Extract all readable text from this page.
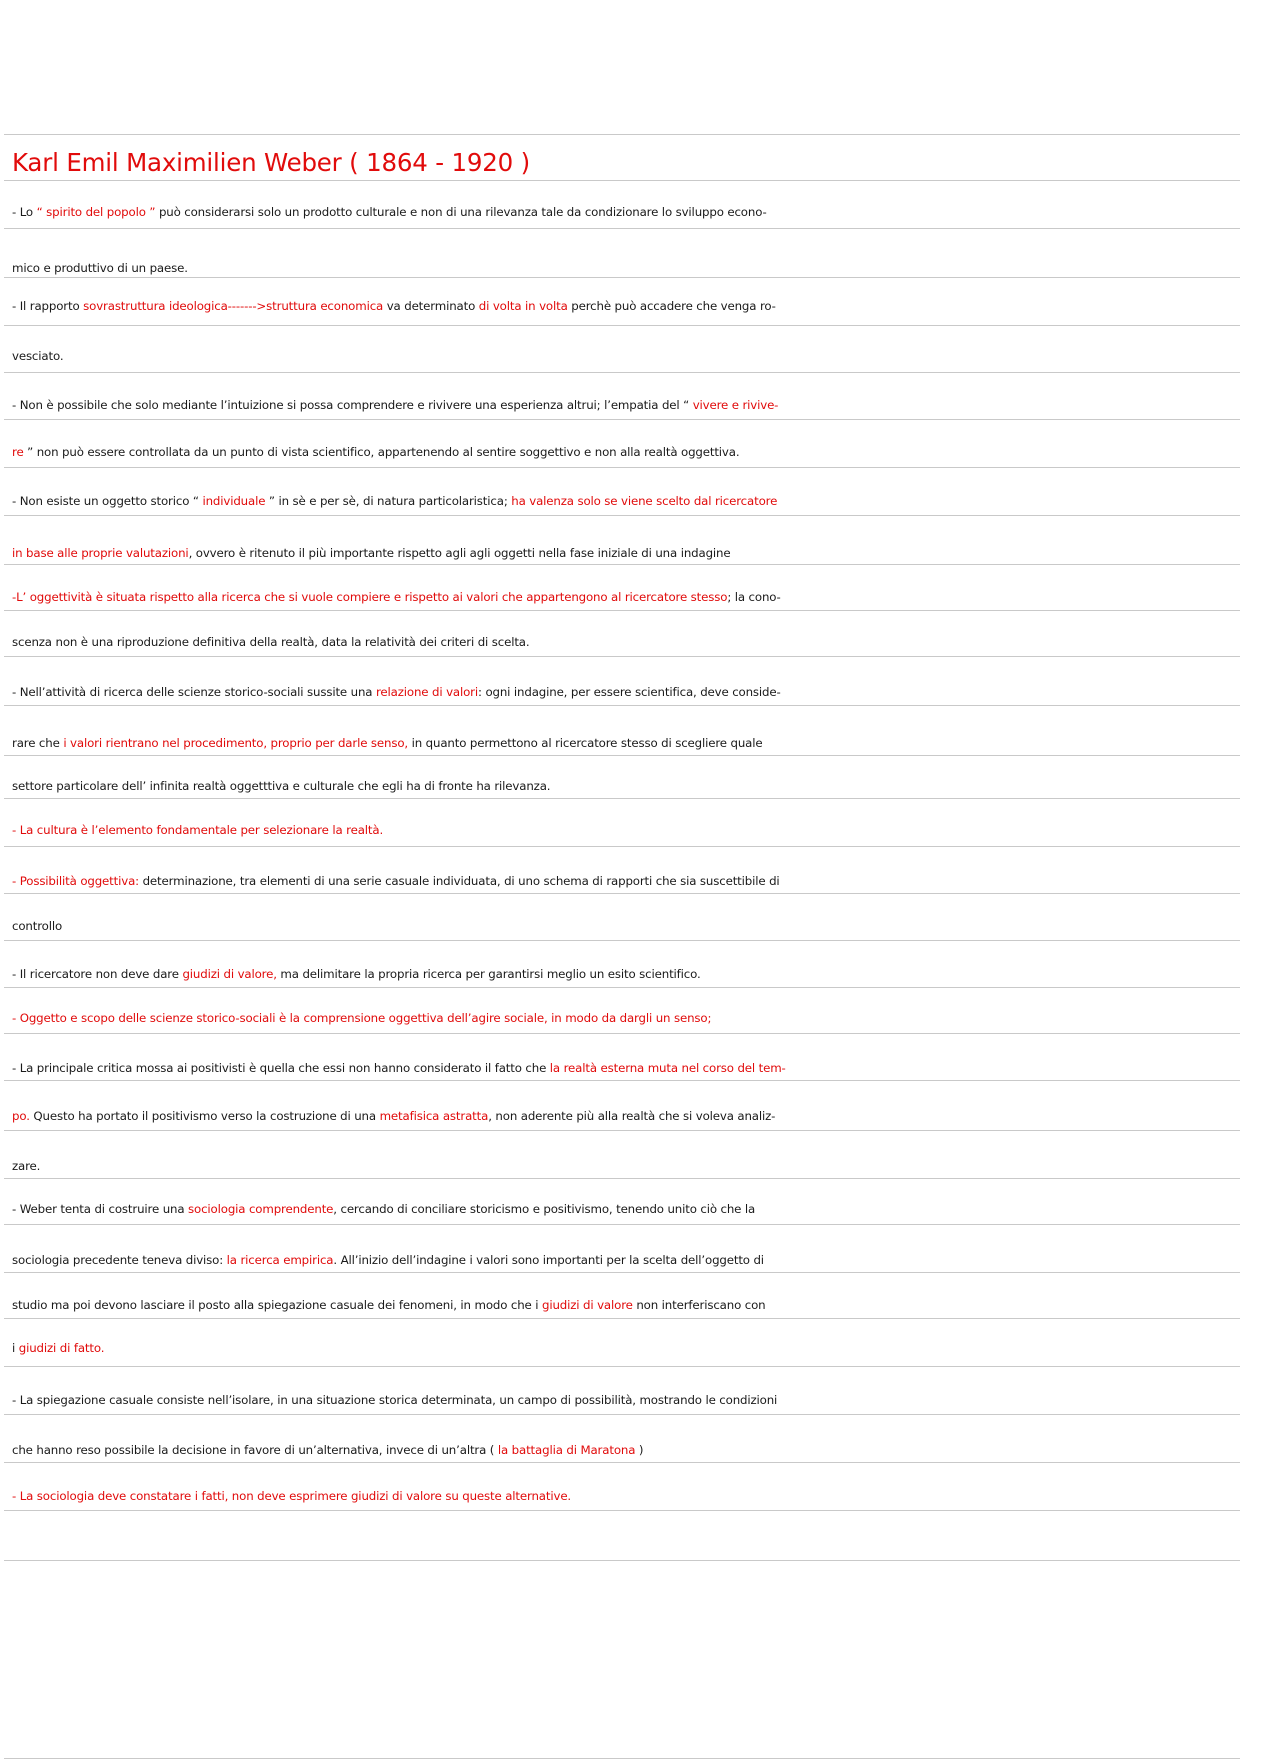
Karl Emil Maximilien Weber ( 1864 - 1920 )
- Lo “ spirito del popolo ” può considerarsi solo un prodotto culturale e non di una rilevanza tale da condizionare lo sviluppo econo-
mico e produttivo di un paese.
- Il rapporto sovrastruttura ideologica------->struttura economica va determinato di volta in volta perchè può accadere che venga ro-
vesciato.
- Non è possibile che solo mediante l’intuizione si possa comprendere e rivivere una esperienza altrui; l’empatia del “ vivere e rivive-
re ” non può essere controllata da un punto di vista scientifico, appartenendo al sentire soggettivo e non alla realtà oggettiva.
- Non esiste un oggetto storico “ individuale ” in sè e per sè, di natura particolaristica; ha valenza solo se viene scelto dal ricercatore
in base alle proprie valutazioni, ovvero è ritenuto il più importante rispetto agli agli oggetti nella fase iniziale di una indagine
-L’ oggettività è situata rispetto alla ricerca che si vuole compiere e rispetto ai valori che appartengono al ricercatore stesso; la cono-
scenza non è una riproduzione definitiva della realtà, data la relatività dei criteri di scelta.
- Nell’attività di ricerca delle scienze storico-sociali sussite una relazione di valori: ogni indagine, per essere scientifica, deve conside-
rare che i valori rientrano nel procedimento, proprio per darle senso, in quanto permettono al ricercatore stesso di scegliere quale
settore particolare dell’ infinita realtà oggetttiva e culturale che egli ha di fronte ha rilevanza.
- La cultura è l’elemento fondamentale per selezionare la realtà.
- Possibilità oggettiva: determinazione, tra elementi di una serie casuale individuata, di uno schema di rapporti che sia suscettibile di
controllo
- Il ricercatore non deve dare giudizi di valore, ma delimitare la propria ricerca per garantirsi meglio un esito scientifico.
- Oggetto e scopo delle scienze storico-sociali è la comprensione oggettiva dell’agire sociale, in modo da dargli un senso;
- La principale critica mossa ai positivisti è quella che essi non hanno considerato il fatto che la realtà esterna muta nel corso del tem-
po. Questo ha portato il positivismo verso la costruzione di una metafisica astratta, non aderente più alla realtà che si voleva analiz-
zare.
- Weber tenta di costruire una sociologia comprendente, cercando di conciliare storicismo e positivismo, tenendo unito ciò che la
sociologia precedente teneva diviso: la ricerca empirica. All’inizio dell’indagine i valori sono importanti per la scelta dell’oggetto di
studio ma poi devono lasciare il posto alla spiegazione casuale dei fenomeni, in modo che i giudizi di valore non interferiscano con
i giudizi di fatto.
- La spiegazione casuale consiste nell’isolare, in una situazione storica determinata, un campo di possibilità, mostrando le condizioni
che hanno reso possibile la decisione in favore di un’alternativa, invece di un’altra ( la battaglia di Maratona )
- La sociologia deve constatare i fatti, non deve esprimere giudizi di valore su queste alternative.
